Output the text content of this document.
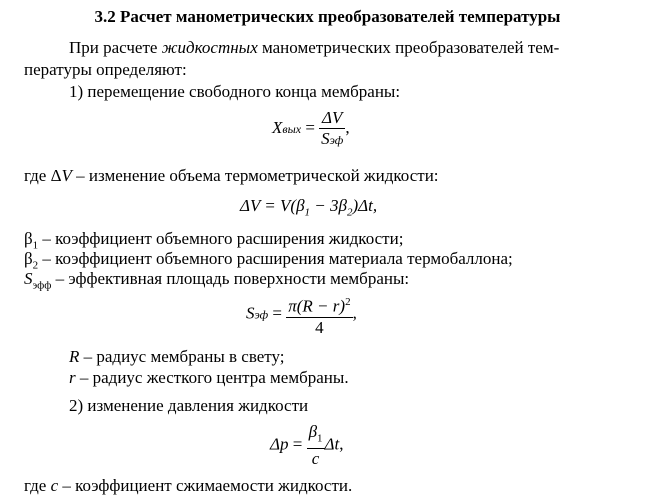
3.2 Расчет манометрических преобразователей температуры
При расчете жидкостных манометрических преобразователей тем-
пературы определяют:
1) перемещение свободного конца мембраны:
Xвых = $\frac{\Delta V}{\text{Sэф}}$ ,
где ΔV – изменение объема термометрической жидкости:
$\Delta V = V(\beta_1 - 3\beta_2)\Delta t$,
$\beta_1$ – коэффициент объемного расширения жидкости;
$\beta_2$ – коэффициент объемного расширения материала термобаллона;
$S_{эфф}$ – эффективная площадь поверхности мембраны:
Sэф = $\frac{\pi(R - r)^2}{4}$ ,
R – радиус мембраны в свету;
r – радиус жесткого центра мембраны.
2) изменение давления жидкости
$\Delta p = \frac{\beta_1}{c} \Delta t$,
где c – коэффициент сжимаемости жидкости.
